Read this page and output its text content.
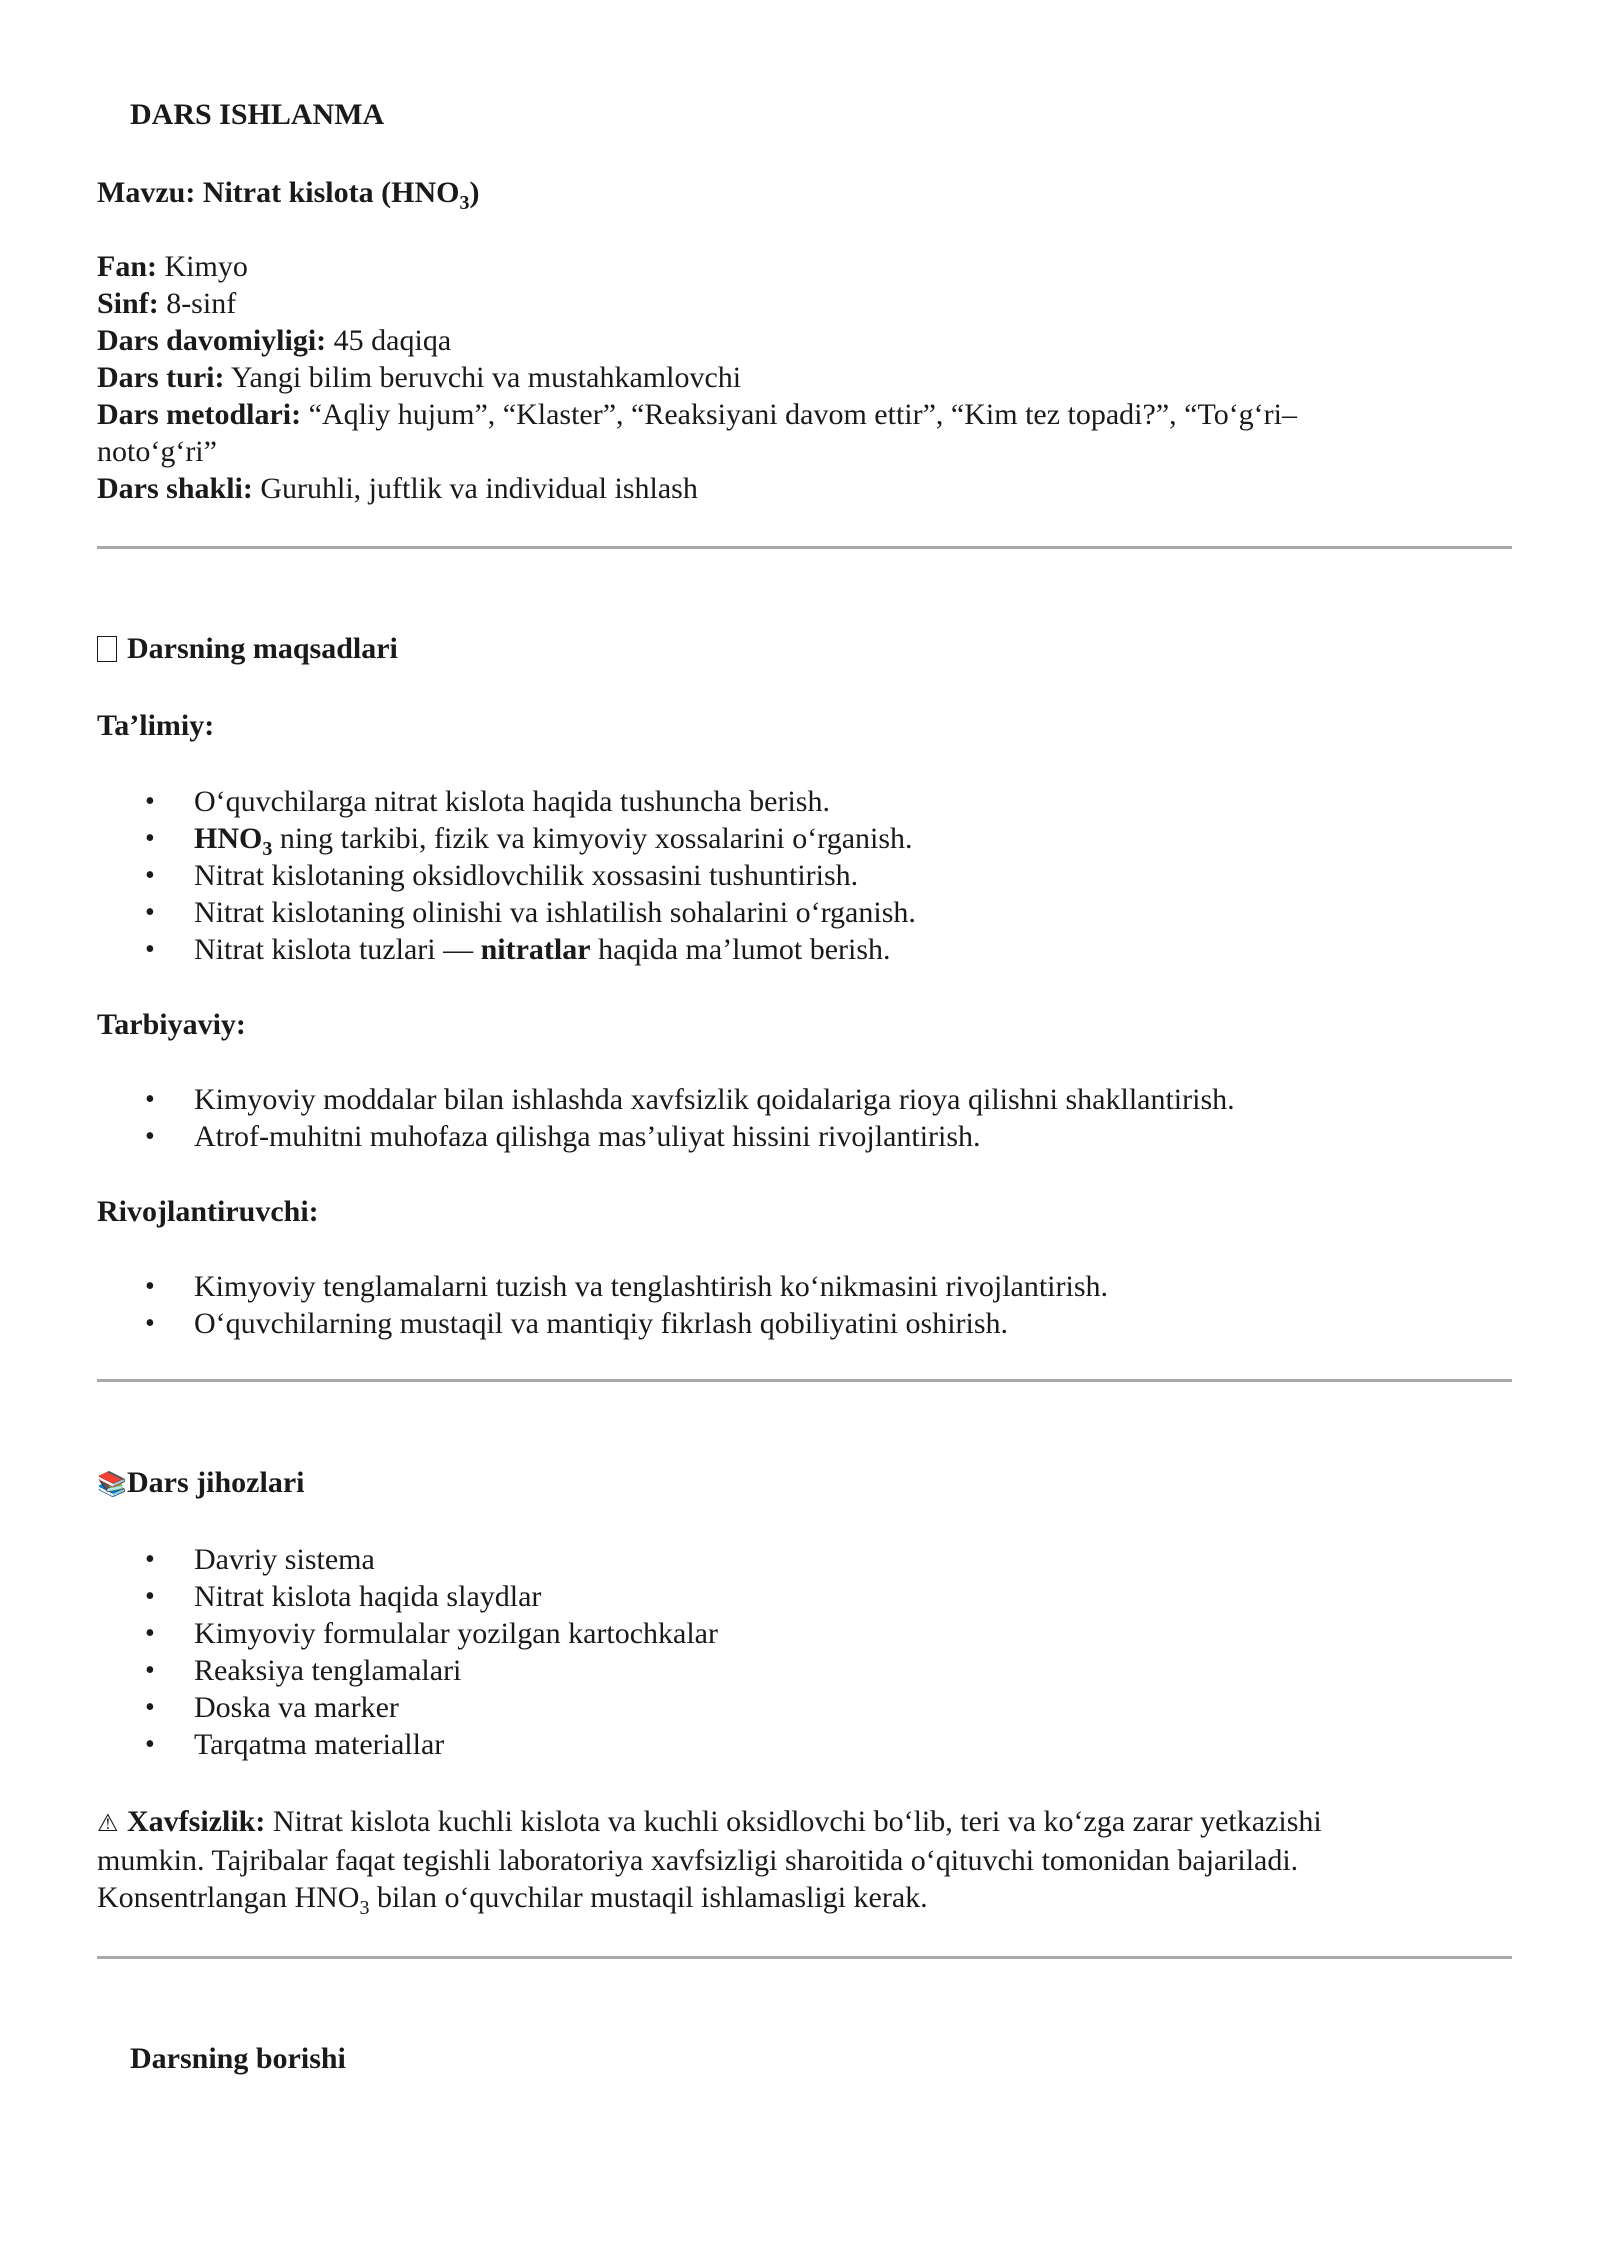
DARS ISHLANMA

Mavzu: Nitrat kislota $(HNO_3)$

Fan: Kimyo
Sinf: 8-sinf
Dars davomiyligi: 45 daqiqa
Dars turi: Yangi bilim beruvchi va mustahkamlovchi
Dars metodlari: “Aqliy hujum”, “Klaster”, “Reaksiyani davom ettir”, “Kim tez topadi?”, “To‘g‘ri–
noto‘g‘ri”
Dars shakli: Guruhli, juftlik va individual ishlash

Darsning maqsadlari

Ta’limiy:

• O‘quvchilarga nitrat kislota haqida tushuncha berish.
• $HNO_3$ ning tarkibi, fizik va kimyoviy xossalarini o‘rganish.
• Nitrat kislotaning oksidlovchilik xossasini tushuntirish.
• Nitrat kislotaning olinishi va ishlatilish sohalarini o‘rganish.
• Nitrat kislota tuzlari — nitratlar haqida ma’lumot berish.

Tarbiyaviy:

• Kimyoviy moddalar bilan ishlashda xavfsizlik qoidalariga rioya qilishni shakllantirish.
• Atrof-muhitni muhofaza qilishga mas’uliyat hissini rivojlantirish.

Rivojlantiruvchi:

• Kimyoviy tenglamalarni tuzish va tenglashtirish ko‘nikmasini rivojlantirish.
• O‘quvchilarning mustaqil va mantiqiy fikrlash qobiliyatini oshirish.

📚Dars jihozlari

• Davriy sistema
• Nitrat kislota haqida slaydlar
• Kimyoviy formulalar yozilgan kartochkalar
• Reaksiya tenglamalari
• Doska va marker
• Tarqatma materiallar
⚠ Xavfsizlik: Nitrat kislota kuchli kislota va kuchli oksidlovchi bo‘lib, teri va ko‘zga zarar yetkazishi
mumkin. Tajribalar faqat tegishli laboratoriya xavfsizligi sharoitida o‘qituvchi tomonidan bajariladi.
Konsentrlangan $HNO_3$ bilan o‘quvchilar mustaqil ishlamasligi kerak.

Darsning borishi
